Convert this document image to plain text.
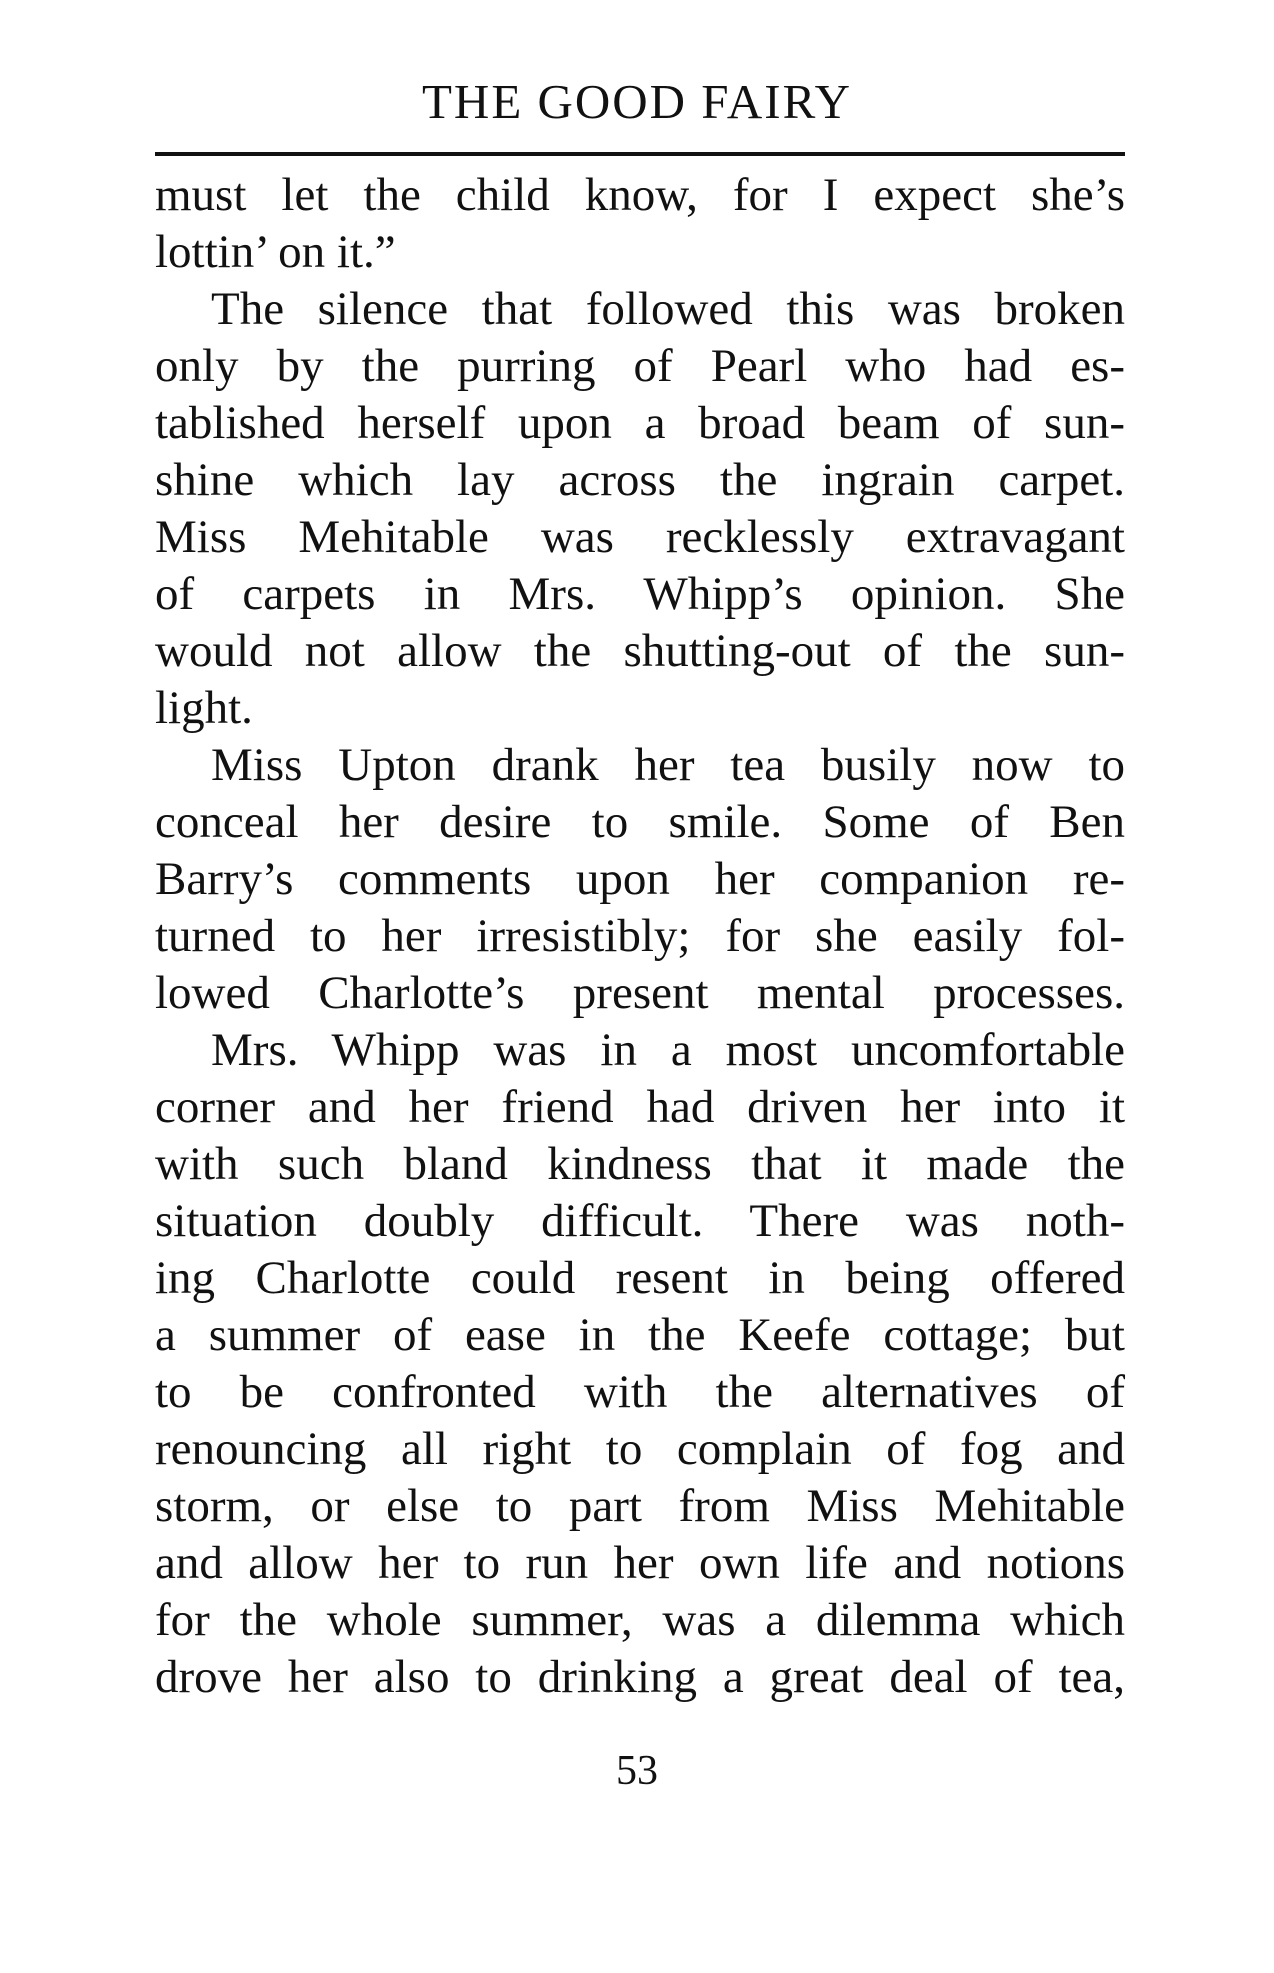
THE GOOD FAIRY
must let the child know, for I expect she’s
lottin’ on it.”
The silence that followed this was broken
only by the purring of Pearl who had es-
tablished herself upon a broad beam of sun-
shine which lay across the ingrain carpet.
Miss Mehitable was recklessly extravagant
of carpets in Mrs. Whipp’s opinion. She
would not allow the shutting-out of the sun-
light.
Miss Upton drank her tea busily now to
conceal her desire to smile. Some of Ben
Barry’s comments upon her companion re-
turned to her irresistibly; for she easily fol-
lowed Charlotte’s present mental processes.
Mrs. Whipp was in a most uncomfortable
corner and her friend had driven her into it
with such bland kindness that it made the
situation doubly difficult. There was noth-
ing Charlotte could resent in being offered
a summer of ease in the Keefe cottage; but
to be confronted with the alternatives of
renouncing all right to complain of fog and
storm, or else to part from Miss Mehitable
and allow her to run her own life and notions
for the whole summer, was a dilemma which
drove her also to drinking a great deal of tea,
53
